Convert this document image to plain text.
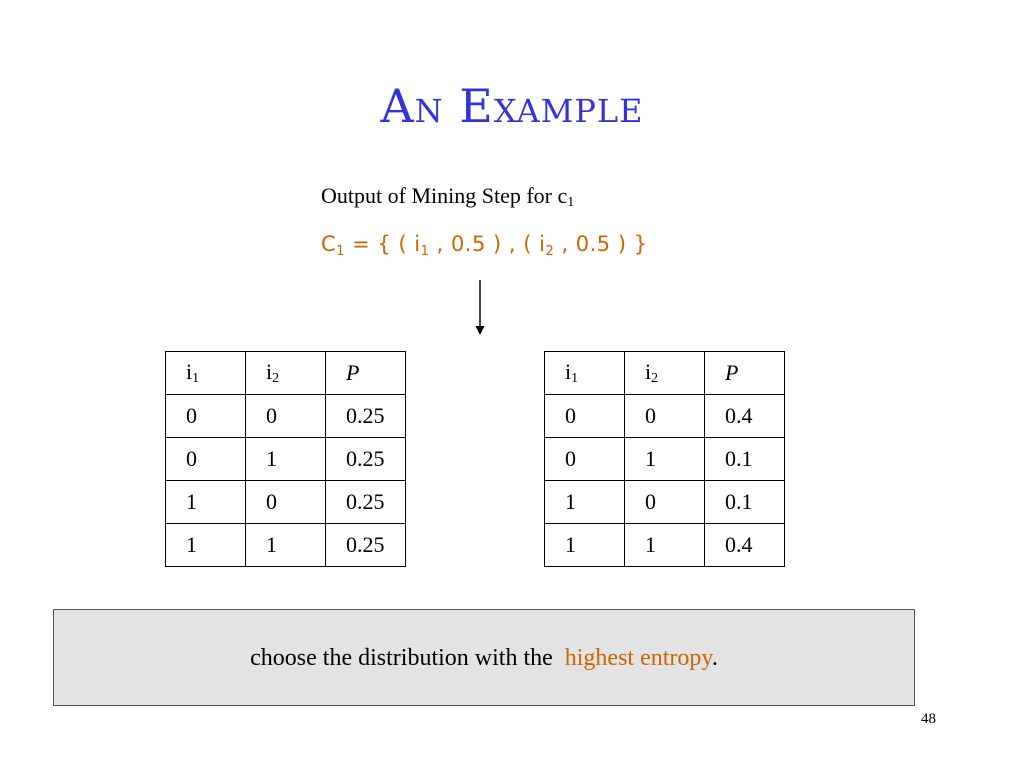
An Example
Output of Mining Step for $c_1$
$C_1$ = { ( $i_1$ , 0.5 ) , ( $i_2$ , 0.5 ) }
$i_1$	$i_2$	P
0	0	0.25
0	1	0.25
1	0	0.25
1	1	0.25
$i_1$	$i_2$	P
0	0	0.4
0	1	0.1
1	0	0.1
1	1	0.4
choose the distribution with the highest entropy.
48
